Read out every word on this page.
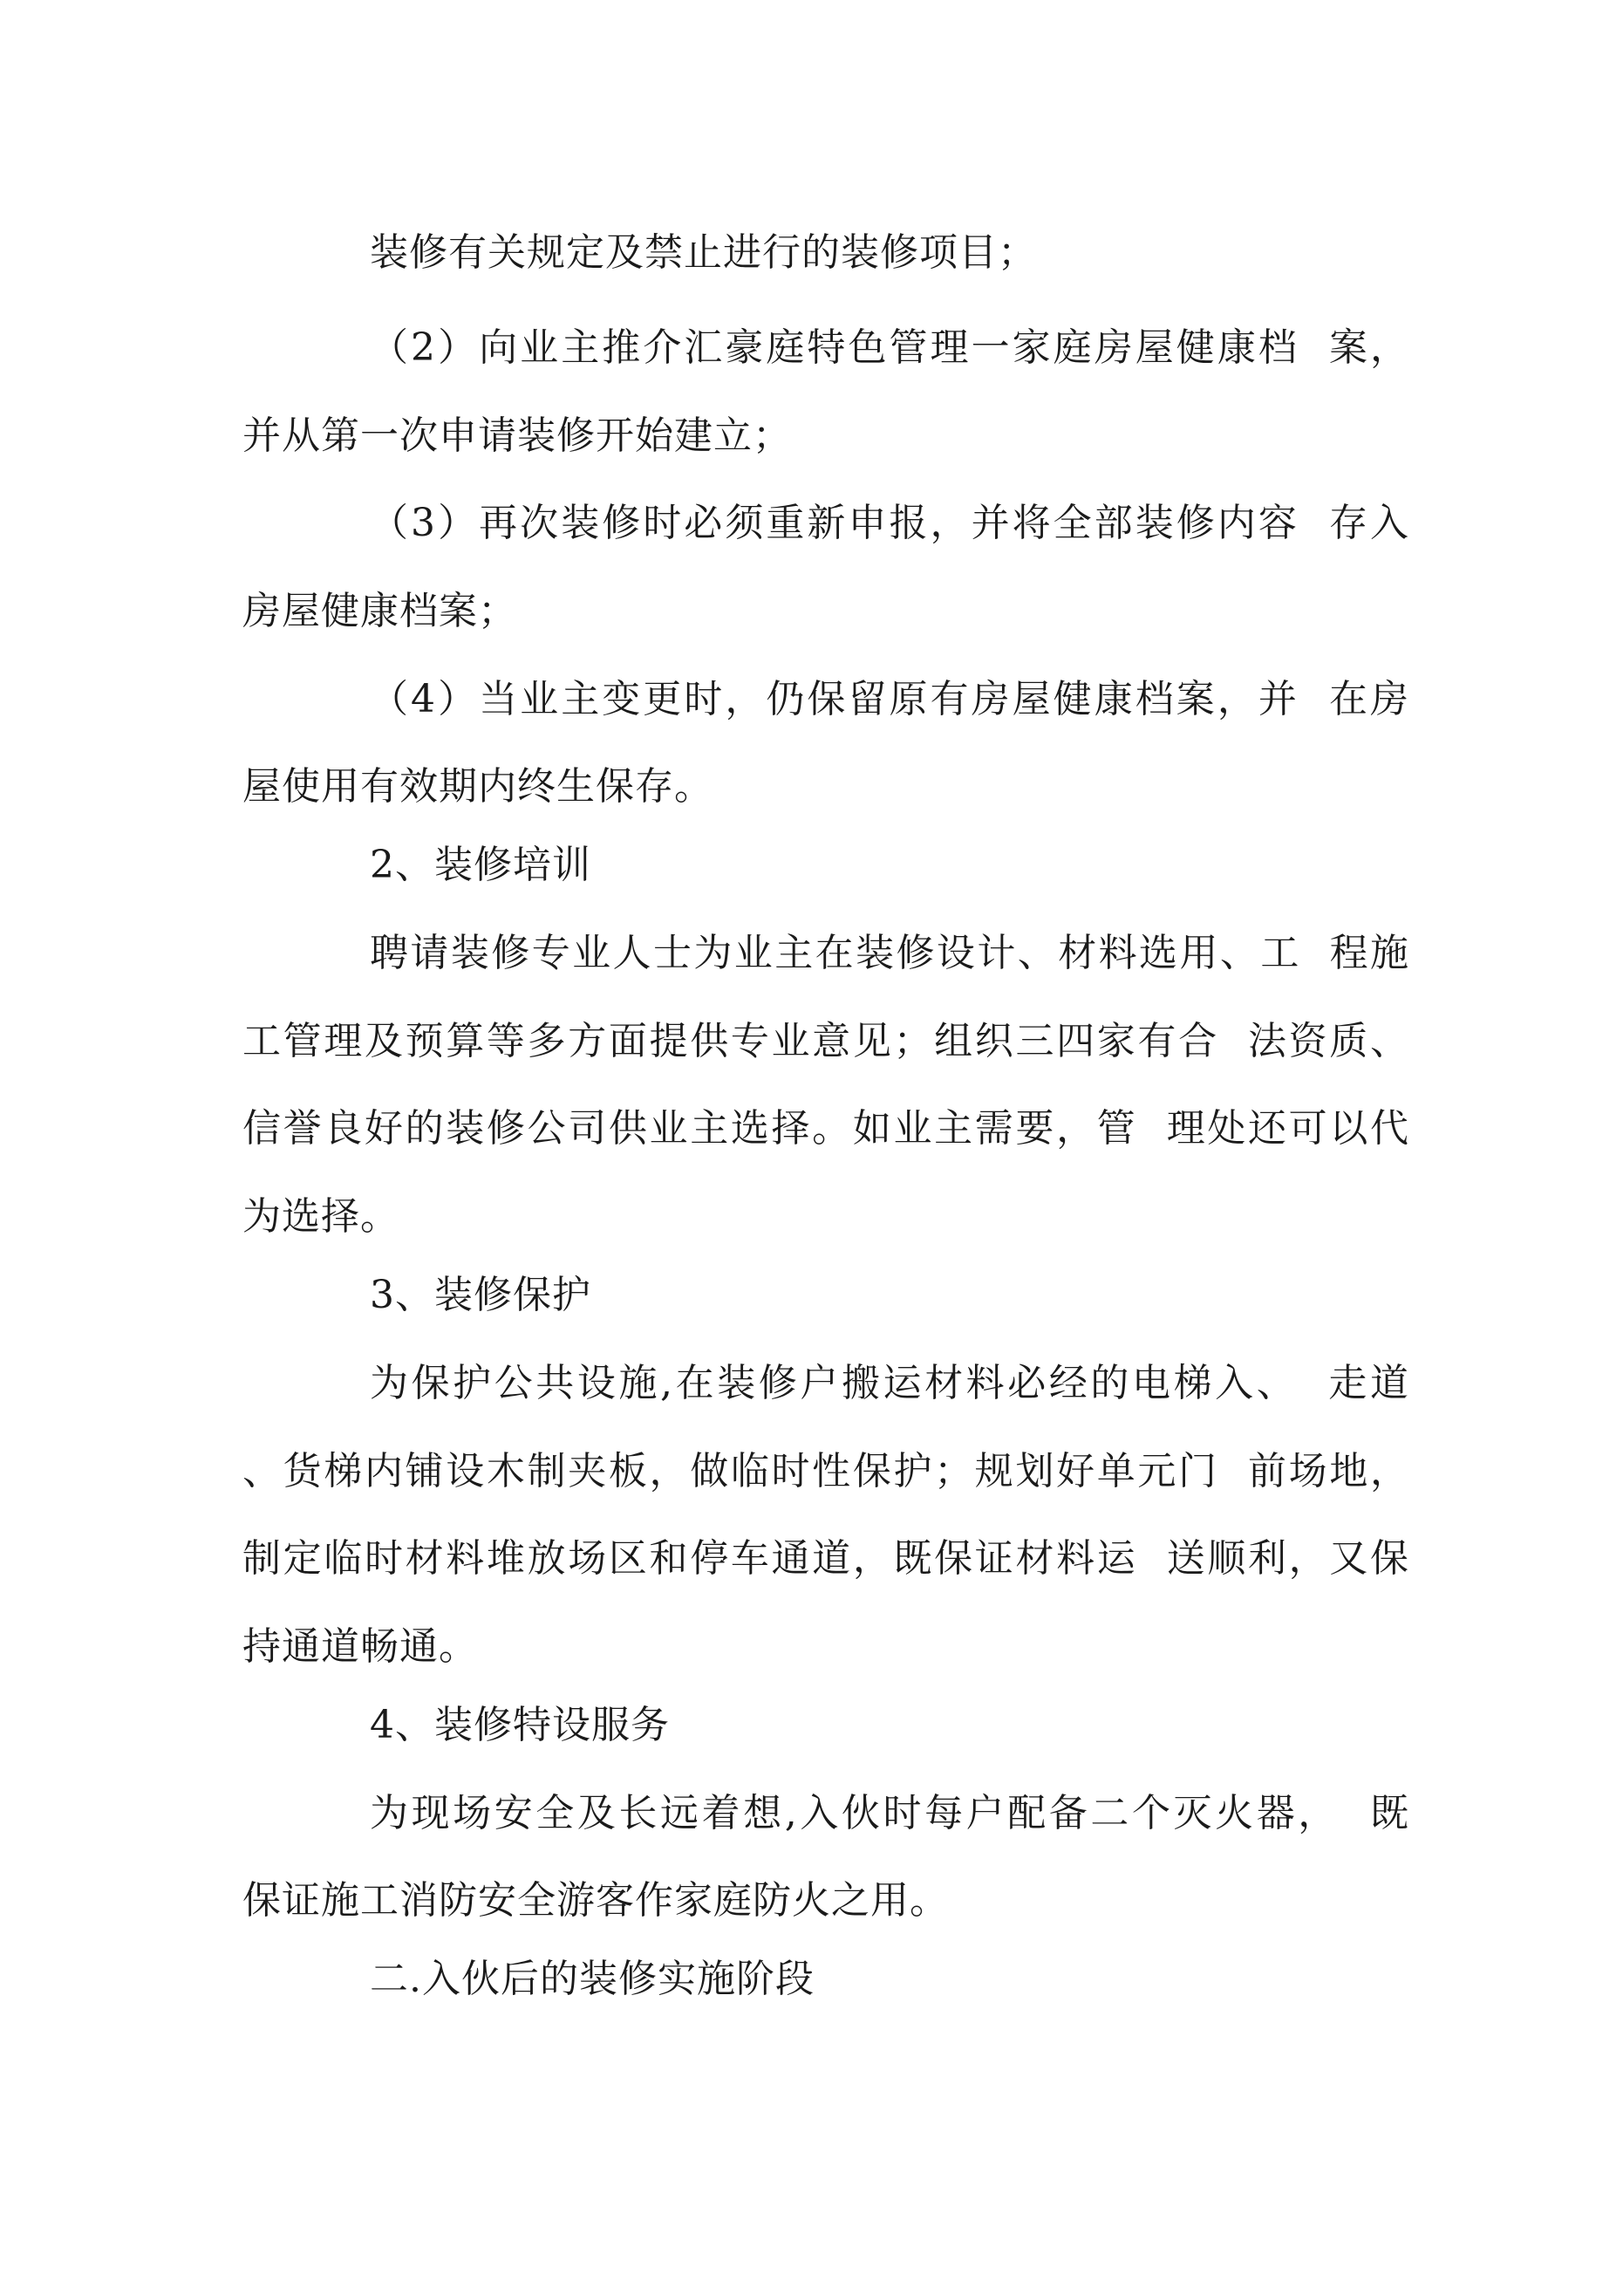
装修有关规定及禁止进行的装修项目；
（2）向业主推介汇豪庭特色管理一家庭房屋健康档  案，
并从第一次申请装修开始建立；
（3）再次装修时必须重新申报，并将全部装修内容  存入
房屋健康档案；
（4）当业主变更时，仍保留原有房屋健康档案，并  在房
屋使用有效期内终生保存。
2、装修培训
聘请装修专业人士为业主在装修设计、材料选用、工  程施
工管理及预算等多方面提供专业意见；组织三四家有合  法资质、
信誉良好的装修公司供业主选择。如业主需要，管  理处还可以代
为选择。
3、装修保护
为保护公共设施,在装修户搬运材料必经的电梯入、  走道
、货梯内铺设木制夹板，做临时性保护；规划好单元门  前场地，
制定临时材料堆放场区和停车通道，既保证材料运  送顺利，又保
持通道畅通。
4、装修特设服务
为现场安全及长远着想,入伙时每户配备二个灭火器，  既
保证施工消防安全游客作家庭防火之用。
二.入伙后的装修实施阶段
